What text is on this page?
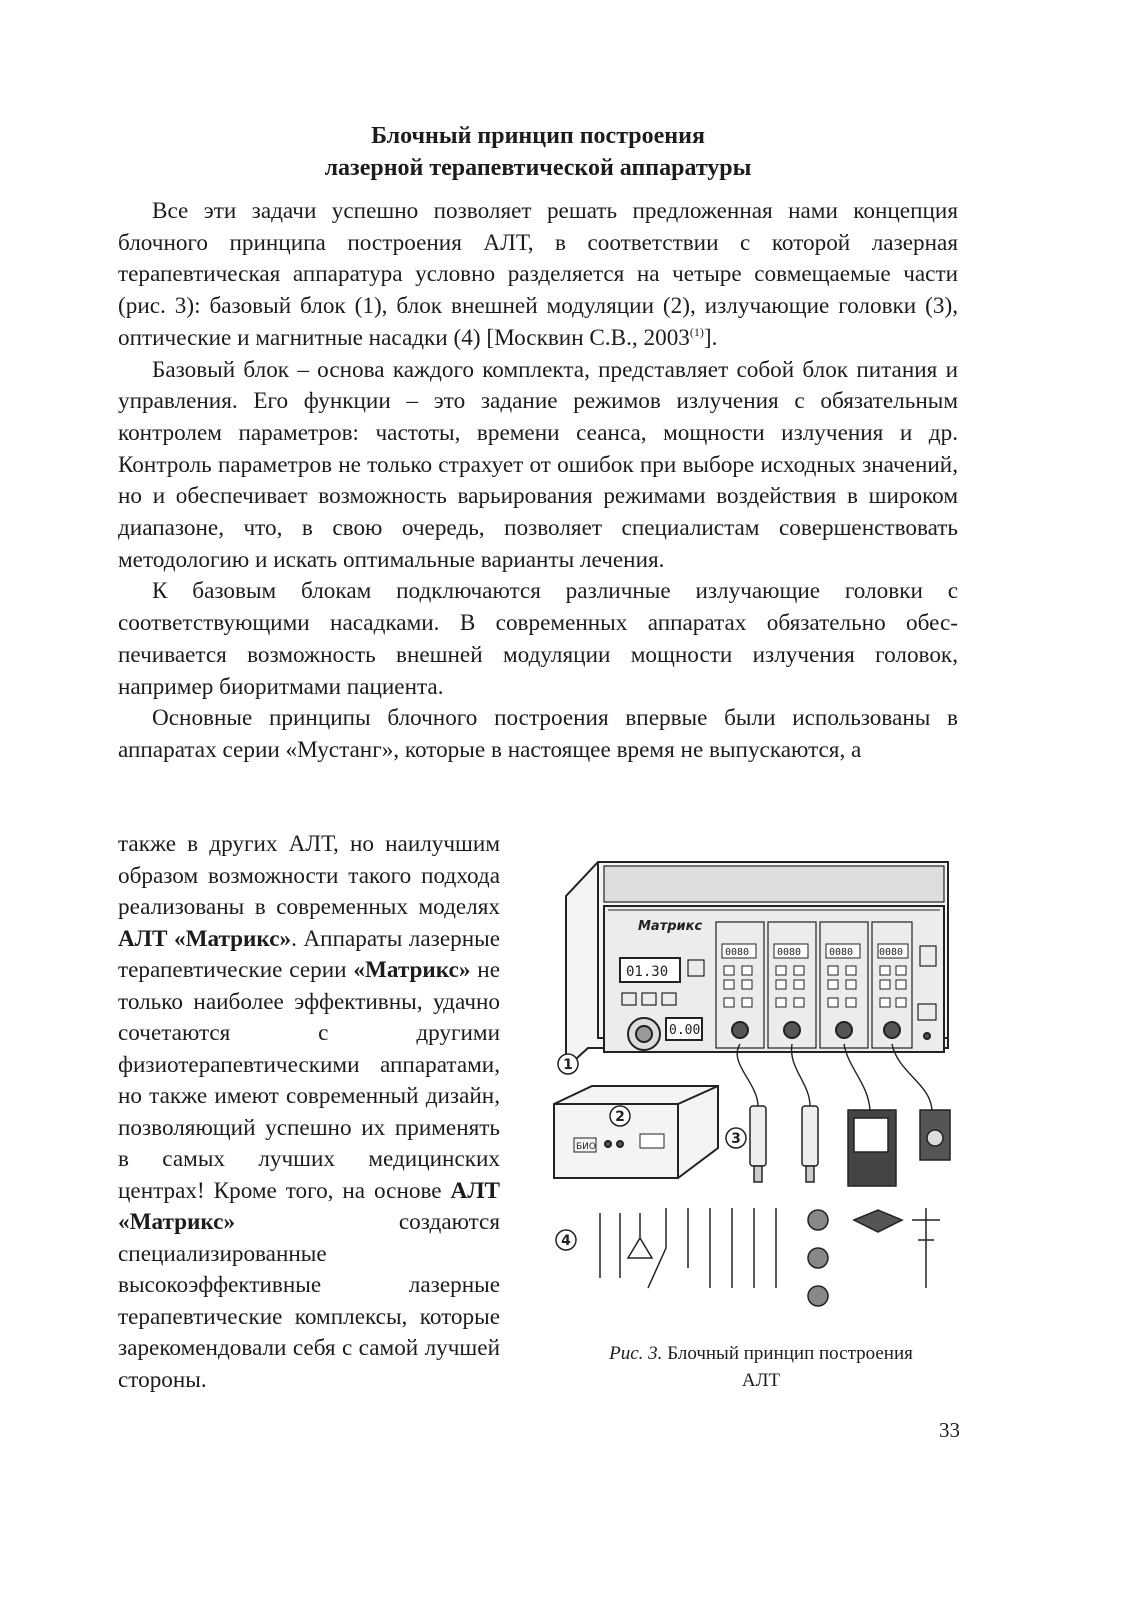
Блочный принцип построения
лазерной терапевтической аппаратуры

Все эти задачи успешно позволяет решать предложенная нами концепция блочного принципа построения АЛТ, в соответствии с которой лазерная терапевтическая аппаратура условно разделяется на четыре совмещаемые части (рис. 3): базовый блок (1), блок внешней модуляции (2), излучающие головки (3), оптические и магнитные насадки (4) [Москвин С.В., 2003$^{(1)}$].

Базовый блок – основа каждого комплекта, представляет собой блок питания и управления. Его функции – это задание режимов излучения с обязательным контролем параметров: частоты, времени сеанса, мощности излучения и др. Контроль параметров не только страхует от ошибок при выборе исходных значений, но и обеспечивает возможность варьирования режимами воздействия в широком диапазоне, что, в свою очередь, позволяет специалистам совершенствовать методологию и искать оптимальные варианты лечения.

К базовым блокам подключаются различные излучающие головки с соответствующими насадками. В современных аппаратах обязательно обеспечивается возможность внешней модуляции мощности излучения головок, например биоритмами пациента.

Основные принципы блочного построения впервые были использованы в аппаратах серии «Мустанг», которые в настоящее время не выпускаются, а

также в других АЛТ, но наилучшим образом возможности такого подхода реализованы в современных моделях АЛТ «Матрикс». Аппараты лазерные терапевтические серии «Матрикс» не только наиболее эффективны, удачно сочетаются с другими физиотерапевтическими аппаратами, но также имеют современный дизайн, позволяющий успешно их применять в самых лучших медицинских центрах! Кроме того, на основе АЛТ «Матрикс» создаются специализированные высокоэффективные лазерные терапевтические комплексы, которые зарекомендовали себя с самой лучшей стороны.

Матрикс
01.30
0.00
0080	0080	0080	0080
БИО
1
2
3
4
Рис. 3. Блочный принцип построения АЛТ
33
